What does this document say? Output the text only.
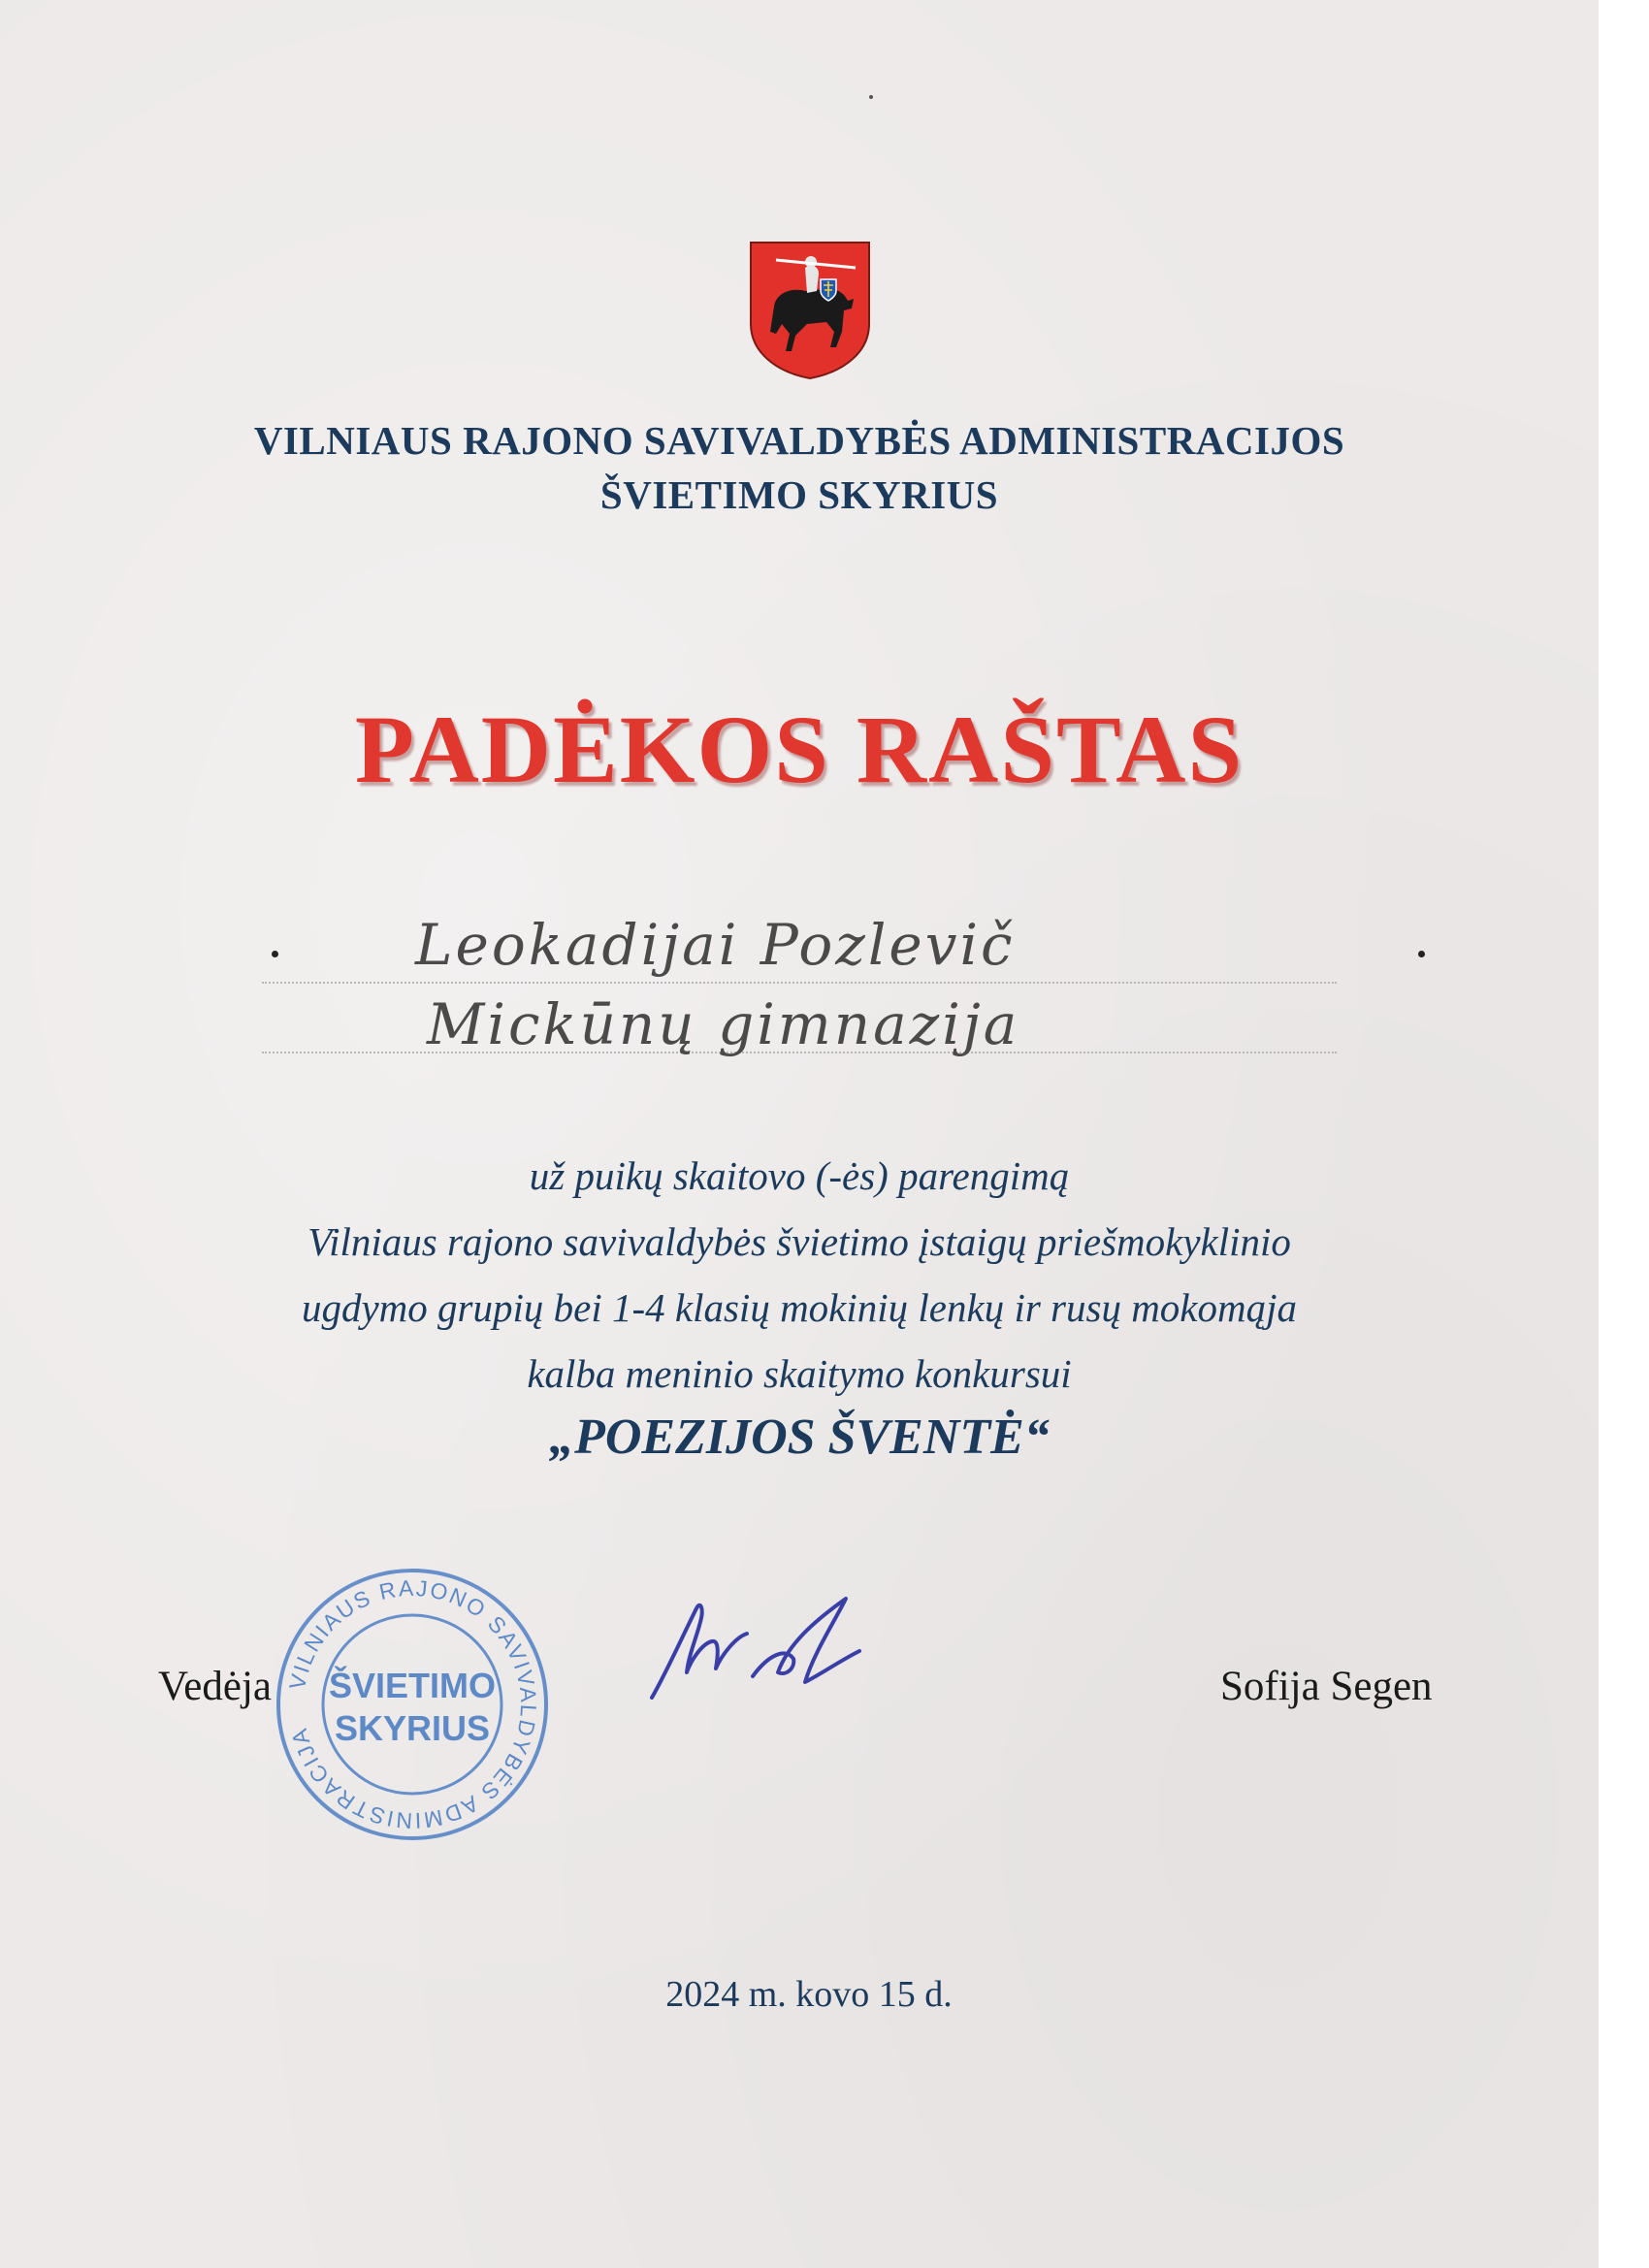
VILNIAUS RAJONO SAVIVALDYBĖS ADMINISTRACIJOS
ŠVIETIMO SKYRIUS
PADĖKOS RAŠTAS
Leokadijai Pozlevič
Mickūnų gimnazija
už puikų skaitovo (-ės) parengimą
Vilniaus rajono savivaldybės švietimo įstaigų priešmokyklinio
ugdymo grupių bei 1-4 klasių mokinių lenkų ir rusų mokomąja
kalba meninio skaitymo konkursui
„POEZIJOS ŠVENTĖ“
VILNIAUS RAJONO SAVIVALDYBĖS ADMINISTRACIJA
ŠVIETIMO
SKYRIUS
Vedėja	Sofija Segen
2024 m. kovo 15 d.
